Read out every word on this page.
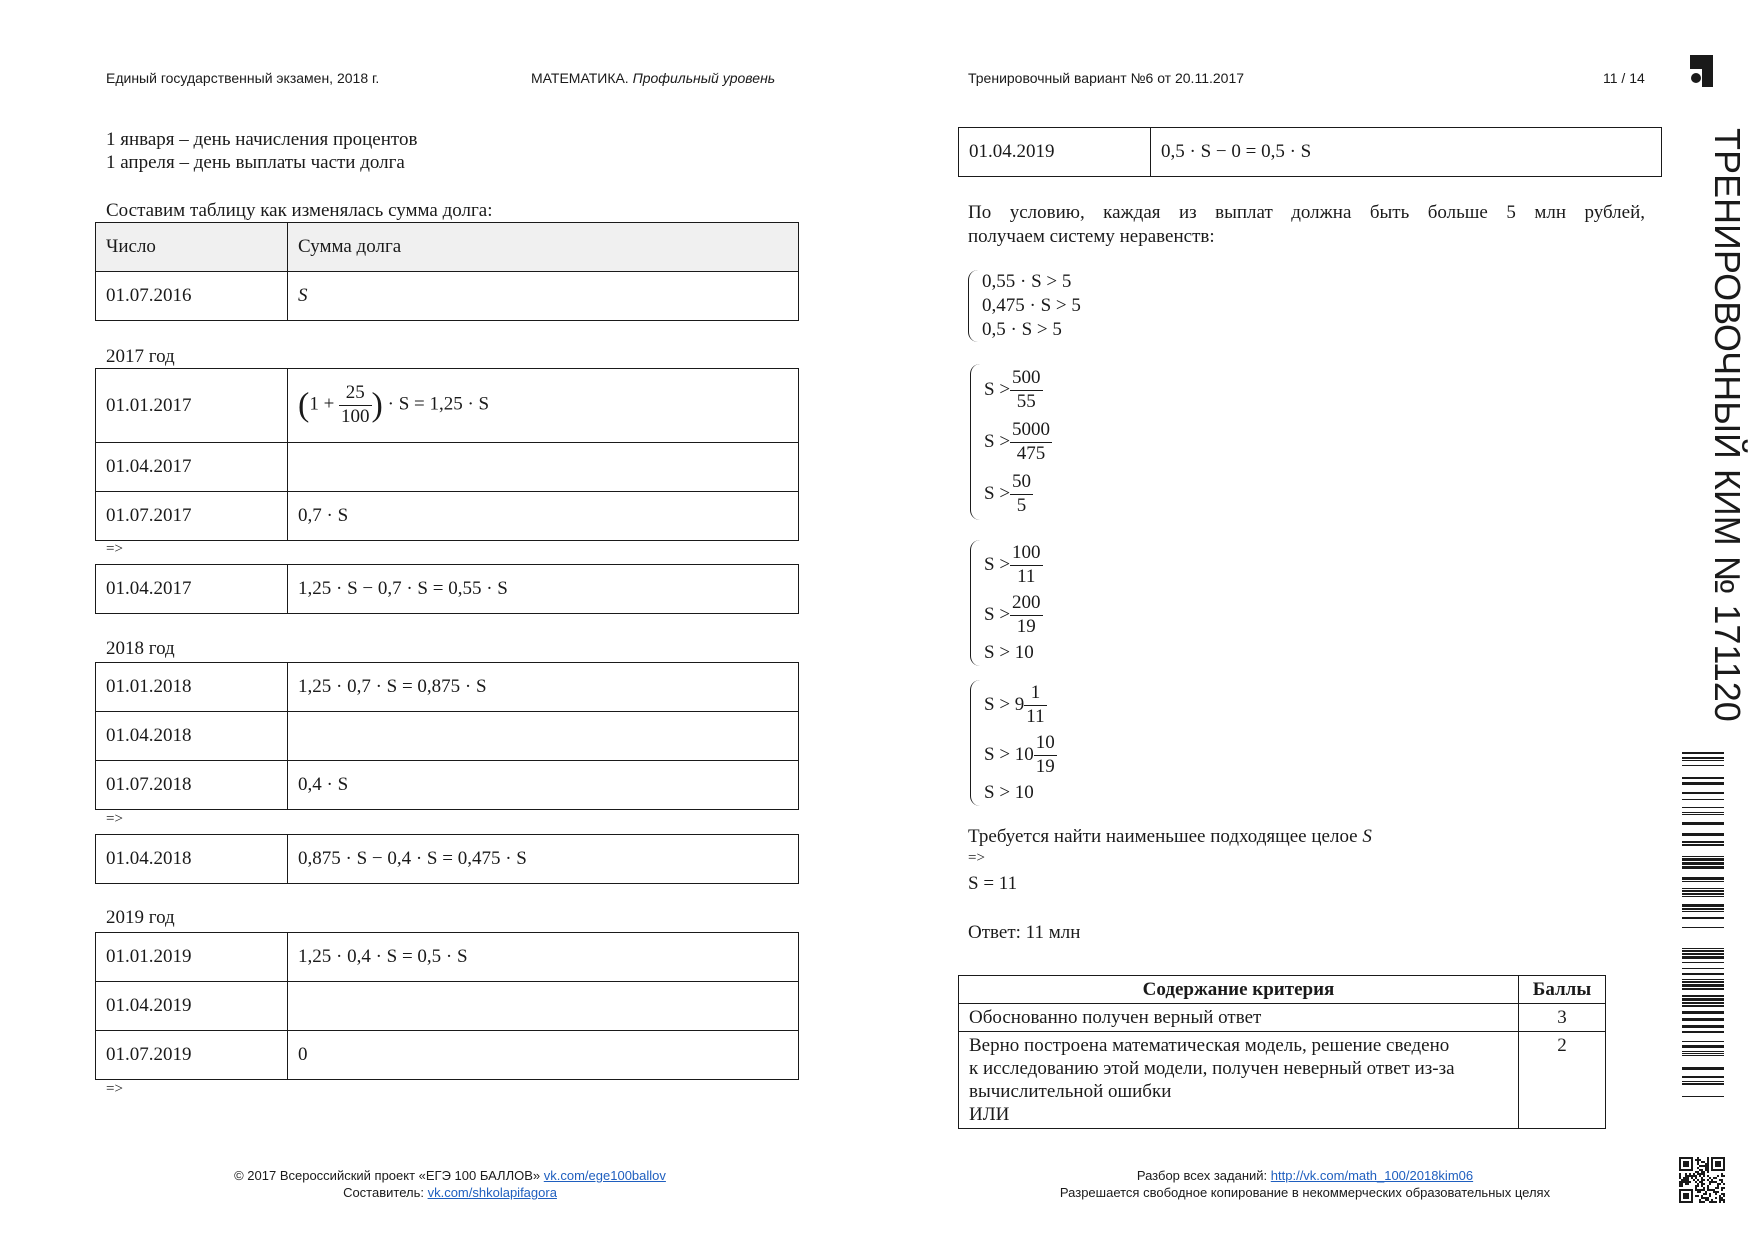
Единый государственный экзамен, 2018 г.	МАТЕМАТИКА. Профильный уровень	Тренировочный вариант №6 от 20.11.2017	11 / 14
1 января – день начисления процентов
1 апреля – день выплаты части долга
Составим таблицу как изменялась сумма долга:
Число	Сумма долга
01.07.2016	S
2017 год
01.01.2017	($1 + \frac{25}{100}$ ) · S = 1,25 · S
01.04.2017	
01.07.2017	0,7 · S
=>
01.04.2017	1,25 · S − 0,7 · S = 0,55 · S
2018 год
01.01.2018	1,25 · 0,7 · S = 0,875 · S
01.04.2018	
01.07.2018	0,4 · S
=>
01.04.2018	0,875 · S − 0,4 · S = 0,475 · S
2019 год
01.01.2019	1,25 · 0,4 · S = 0,5 · S
01.04.2019	
01.07.2019	0
=>
01.04.2019	0,5 · S − 0 = 0,5 · S
По условию, каждая из выплат должна быть больше 5 млн рублей,
получаем систему неравенств:
0,55 · S > 5
0,475 · S > 5
0,5 · S > 5
$S > \frac{500}{55}$
$S > \frac{5000}{475}$
$S > \frac{50}{5}$
$S > \frac{100}{11}$
$S > \frac{200}{19}$
S > 10
$S > 9 \frac{1}{11}$
$S > 10 \frac{10}{19}$
S > 10
Требуется найти наименьшее подходящее целое S
=>
S = 11
Ответ: 11 млн
Содержание критерия	Баллы
Обоснованно получен верный ответ	3

Верно построена математическая модель, решение сведено
к исследованию этой модели, получен неверный ответ из-за
вычислительной ошибки
ИЛИ	2
© 2017 Всероссийский проект «ЕГЭ 100 БАЛЛОВ» vk.com/ege100ballov
Составитель: vk.com/shkolapifagora
Разбор всех заданий: http://vk.com/math_100/2018kim06
Разрешается свободное копирование в некоммерческих образовательных целях
ТРЕНИРОВОЧНЫЙ КИМ № 171120
